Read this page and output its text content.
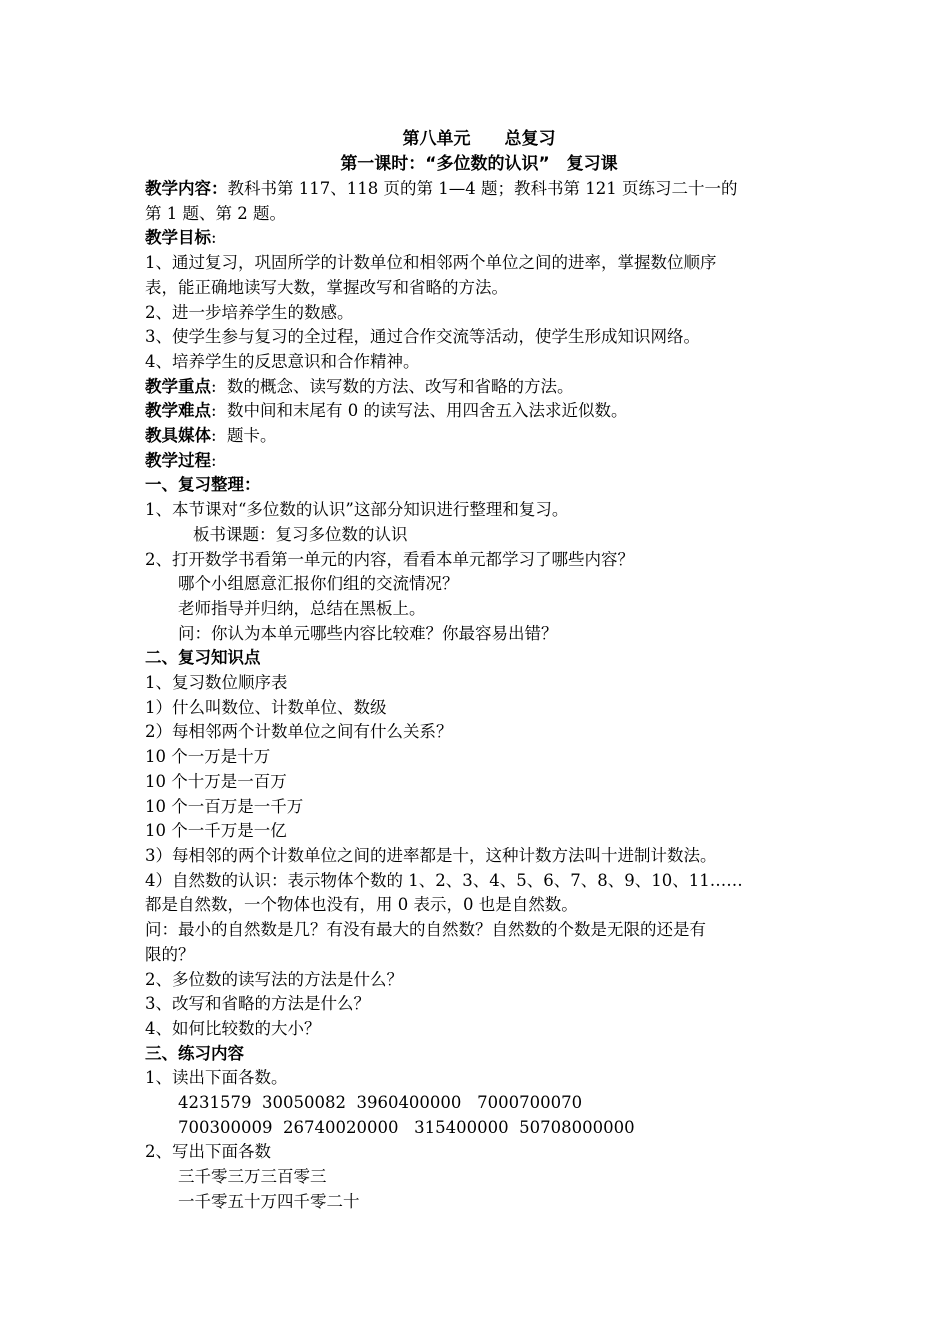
第八单元　　总复习
第一课时：“多位数的认识”　复习课
教学内容：教科书第 117、118 页的第 1—4 题；教科书第 121 页练习二十一的
第 1 题、第 2 题。
教学目标:
1、通过复习，巩固所学的计数单位和相邻两个单位之间的进率，掌握数位顺序
表，能正确地读写大数，掌握改写和省略的方法。
2、进一步培养学生的数感。
3、使学生参与复习的全过程，通过合作交流等活动，使学生形成知识网络。
4、培养学生的反思意识和合作精神。
教学重点:  数的概念、读写数的方法、改写和省略的方法。
教学难点:  数中间和末尾有 0 的读写法、用四舍五入法求近似数。
教具媒体:  题卡。
教学过程:
一、复习整理：
1、本节课对“多位数的认识”这部分知识进行整理和复习。
板书课题：复习多位数的认识
2、打开数学书看第一单元的内容，看看本单元都学习了哪些内容？
哪个小组愿意汇报你们组的交流情况？
老师指导并归纳，总结在黑板上。
问：你认为本单元哪些内容比较难？你最容易出错？
二、复习知识点
1、复习数位顺序表
1）什么叫数位、计数单位、数级
2）每相邻两个计数单位之间有什么关系？
10 个一万是十万
10 个十万是一百万
10 个一百万是一千万
10 个一千万是一亿
3）每相邻的两个计数单位之间的进率都是十，这种计数方法叫十进制计数法。
4）自然数的认识：表示物体个数的 1、2、3、4、5、6、7、8、9、10、11……
都是自然数，一个物体也没有，用 0 表示，0 也是自然数。
问：最小的自然数是几？有没有最大的自然数？自然数的个数是无限的还是有
限的？
2、多位数的读写法的方法是什么？
3、改写和省略的方法是什么？
4、如何比较数的大小？
三、练习内容
1、读出下面各数。
4231579  30050082  3960400000   7000700070
700300009  26740020000   315400000  50708000000
2、写出下面各数
三千零三万三百零三
一千零五十万四千零二十
